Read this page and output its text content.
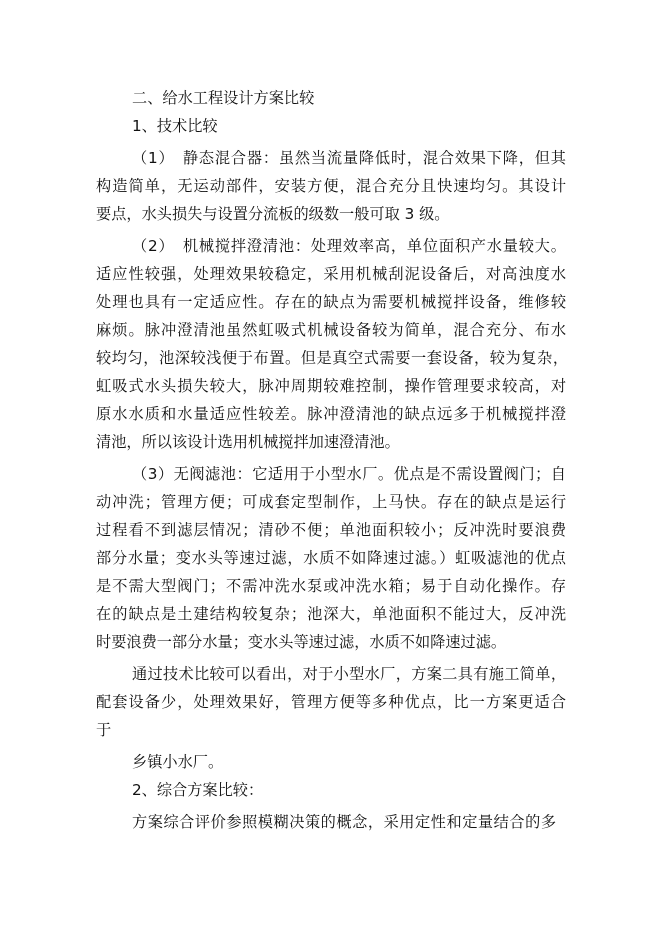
二、给水工程设计方案比较
1、技术比较
（1）　静态混合器：虽然当流量降低时，混合效果下降，但其
构造简单，无运动部件，安装方便，混合充分且快速均匀。其设计
要点，水头损失与设置分流板的级数一般可取 3 级。
（2）　机械搅拌澄清池：处理效率高，单位面积产水量较大。
适应性较强，处理效果较稳定，采用机械刮泥设备后，对高浊度水
处理也具有一定适应性。存在的缺点为需要机械搅拌设备，维修较
麻烦。脉冲澄清池虽然虹吸式机械设备较为简单，混合充分、布水
较均匀，池深较浅便于布置。但是真空式需要一套设备，较为复杂，
虹吸式水头损失较大，脉冲周期较难控制，操作管理要求较高，对
原水水质和水量适应性较差。脉冲澄清池的缺点远多于机械搅拌澄
清池，所以该设计选用机械搅拌加速澄清池。
（3）无阀滤池：它适用于小型水厂。优点是不需设置阀门；自
动冲洗；管理方便；可成套定型制作，上马快。存在的缺点是运行
过程看不到滤层情况；清砂不便；单池面积较小；反冲洗时要浪费
部分水量；变水头等速过滤，水质不如降速过滤。）虹吸滤池的优点
是不需大型阀门；不需冲洗水泵或冲洗水箱；易于自动化操作。存
在的缺点是土建结构较复杂；池深大，单池面积不能过大，反冲洗
时要浪费一部分水量；变水头等速过滤，水质不如降速过滤。
通过技术比较可以看出，对于小型水厂，方案二具有施工简单，
配套设备少，处理效果好，管理方便等多种优点，比一方案更适合
于
乡镇小水厂。
2、综合方案比较：
方案综合评价参照模糊决策的概念，采用定性和定量结合的多
